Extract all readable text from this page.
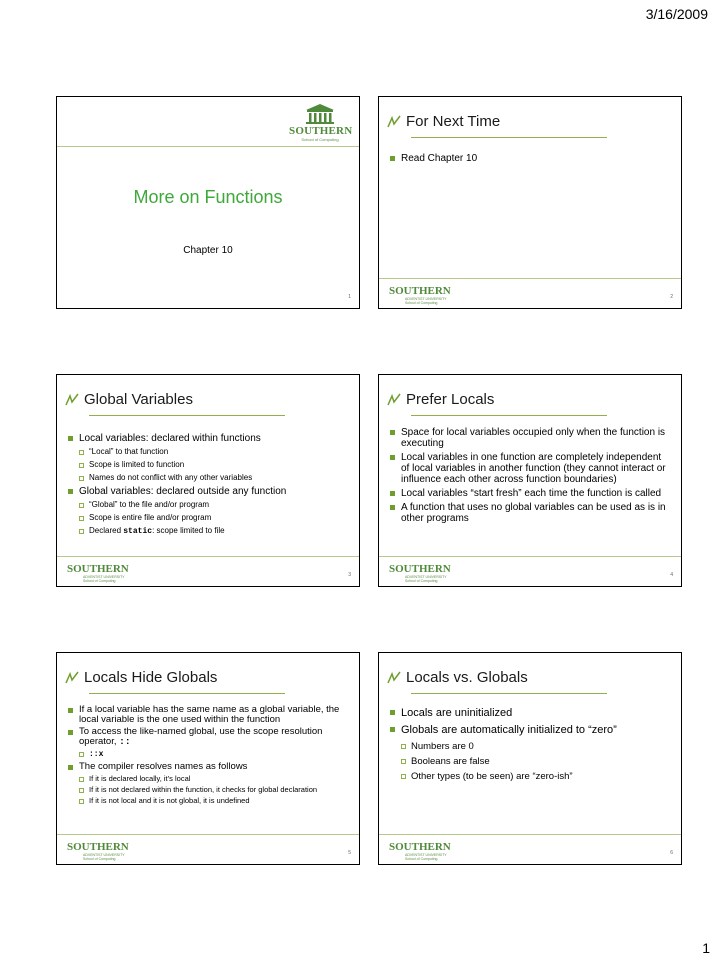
3/16/2009
SOUTHERN
School of Computing
More on Functions
Chapter 10
1
For Next Time
Read Chapter 10
SOUTHERN
ADVENTIST UNIVERSITY
School of Computing
2
Global Variables
Local variables: declared within functions
“Local” to that function
Scope is limited to function
Names do not conflict with any other variables
Global variables: declared outside any function
“Global” to the file and/or program
Scope is entire file and/or program
Declared static: scope limited to file
SOUTHERN
ADVENTIST UNIVERSITY
School of Computing
3
Prefer Locals
Space for local variables occupied only when the function is executing
Local variables in one function are completely independent of local variables in another function (they cannot interact or influence each other across function boundaries)
Local variables “start fresh” each time the function is called
A function that uses no global variables can be used as is in other programs
SOUTHERN
ADVENTIST UNIVERSITY
School of Computing
4
Locals Hide Globals
If a local variable has the same name as a global variable, the local variable is the one used within the function
To access the like-named global, use the scope resolution operator, ::
::x
The compiler resolves names as follows
If it is declared locally, it’s local
If it is not declared within the function, it checks for global declaration
If it is not local and it is not global, it is undefined
SOUTHERN
ADVENTIST UNIVERSITY
School of Computing
5
Locals vs. Globals
Locals are uninitialized
Globals are automatically initialized to “zero”
Numbers are 0
Booleans are false
Other types (to be seen) are “zero-ish”
SOUTHERN
ADVENTIST UNIVERSITY
School of Computing
6
1
